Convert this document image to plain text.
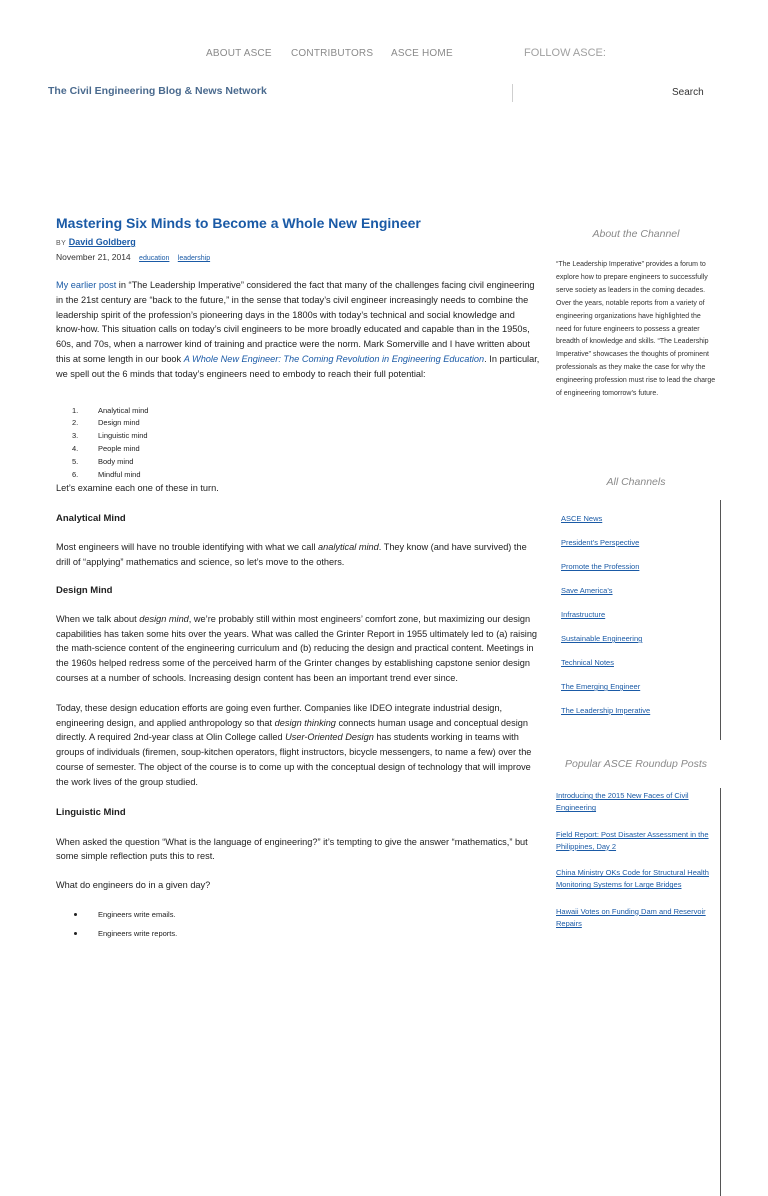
ABOUT ASCE CONTRIBUTORS ASCE HOME	FOLLOW ASCE:
The Civil Engineering Blog & News Network	Search
Mastering Six Minds to Become a Whole New Engineer
BY David Goldberg
November 21, 2014 education leadership

My earlier post in “The Leadership Imperative” considered the fact that many of the challenges facing civil engineering in the 21st century are “back to the future,” in the sense that today’s civil engineer increasingly needs to combine the leadership spirit of the profession’s pioneering days in the 1800s with today’s technical and social knowledge and know-how. This situation calls on today’s civil engineers to be more broadly educated and capable than in the 1950s, 60s, and 70s, when a narrower kind of training and practice were the norm. Mark Somerville and I have written about this at some length in our book A Whole New Engineer: The Coming Revolution in Engineering Education. In particular, we spell out the 6 minds that today’s engineers need to embody to reach their full potential:

1.	Analytical mind
2.	Design mind
3.	Linguistic mind
4.	People mind
5.	Body mind
6.	Mindful mind

Let’s examine each one of these in turn.

Analytical Mind

Most engineers will have no trouble identifying with what we call analytical mind. They know (and have survived) the drill of “applying” mathematics and science, so let’s move to the others.

Design Mind

When we talk about design mind, we’re probably still within most engineers’ comfort zone, but maximizing our design capabilities has taken some hits over the years. What was called the Grinter Report in 1955 ultimately led to (a) raising the math-science content of the engineering curriculum and (b) reducing the design and practical content. Meetings in the 1960s helped redress some of the perceived harm of the Grinter changes by establishing capstone senior design courses at a number of schools. Increasing design content has been an important trend ever since.

Today, these design education efforts are going even further. Companies like IDEO integrate industrial design, engineering design, and applied anthropology so that design thinking connects human usage and conceptual design directly. A required 2nd-year class at Olin College called User-Oriented Design has students working in teams with groups of individuals (firemen, soup-kitchen operators, flight instructors, bicycle messengers, to name a few) over the course of semester. The object of the course is to come up with the conceptual design of technology that will improve the work lives of the group studied.

Linguistic Mind

When asked the question “What is the language of engineering?” it’s tempting to give the answer “mathematics,” but some simple reflection puts this to rest.

What do engineers do in a given day?

Engineers write emails.
Engineers write reports.
About the Channel
“The Leadership Imperative” provides a forum to explore how to prepare engineers to successfully serve society as leaders in the coming decades. Over the years, notable reports from a variety of engineering organizations have highlighted the need for future engineers to possess a greater breadth of knowledge and skills. “The Leadership Imperative” showcases the thoughts of prominent professionals as they make the case for why the engineering profession must rise to lead the charge of engineering tomorrow’s future.
All Channels
ASCE News
President’s Perspective
Promote the Profession
Save America’s
Infrastructure
Sustainable Engineering
Technical Notes
The Emerging Engineer
The Leadership Imperative
Popular ASCE Roundup Posts
Introducing the 2015 New Faces of Civil Engineering
Field Report: Post Disaster Assessment in the Philippines, Day 2
China Ministry OKs Code for Structural Health Monitoring Systems for Large Bridges
Hawaii Votes on Funding Dam and Reservoir Repairs
